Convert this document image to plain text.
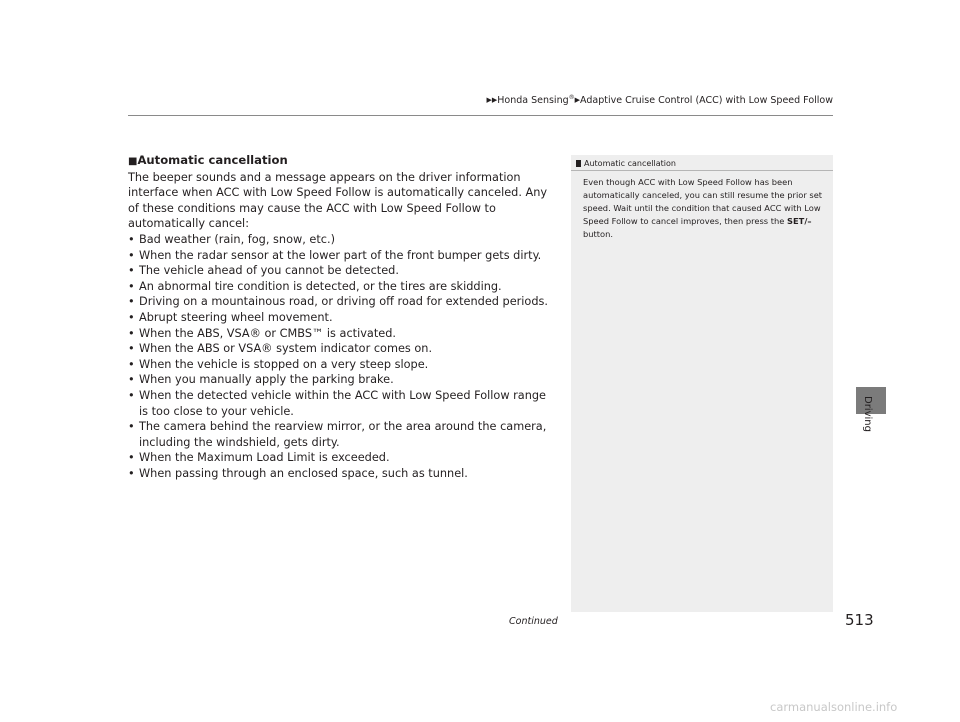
▶▶Honda Sensing®▶Adaptive Cruise Control (ACC) with Low Speed Follow
Driving
■Automatic cancellation

The beeper sounds and a message appears on the driver information interface when ACC with Low Speed Follow is automatically canceled. Any of these conditions may cause the ACC with Low Speed Follow to automatically cancel:

• Bad weather (rain, fog, snow, etc.)
• When the radar sensor at the lower part of the front bumper gets dirty.
• The vehicle ahead of you cannot be detected.
• An abnormal tire condition is detected, or the tires are skidding.
• Driving on a mountainous road, or driving off road for extended periods.
• Abrupt steering wheel movement.
• When the ABS, VSA® or CMBS™ is activated.
• When the ABS or VSA® system indicator comes on.
• When the vehicle is stopped on a very steep slope.
• When you manually apply the parking brake.
• When the detected vehicle within the ACC with Low Speed Follow range is too close to your vehicle.
• The camera behind the rearview mirror, or the area around the camera, including the windshield, gets dirty.
• When the Maximum Load Limit is exceeded.
• When passing through an enclosed space, such as tunnel.
Automatic cancellation
Even though ACC with Low Speed Follow has been automatically canceled, you can still resume the prior set speed. Wait until the condition that caused ACC with Low Speed Follow to cancel improves, then press the SET/– button.
Continued	513
carmanualsonline.info
